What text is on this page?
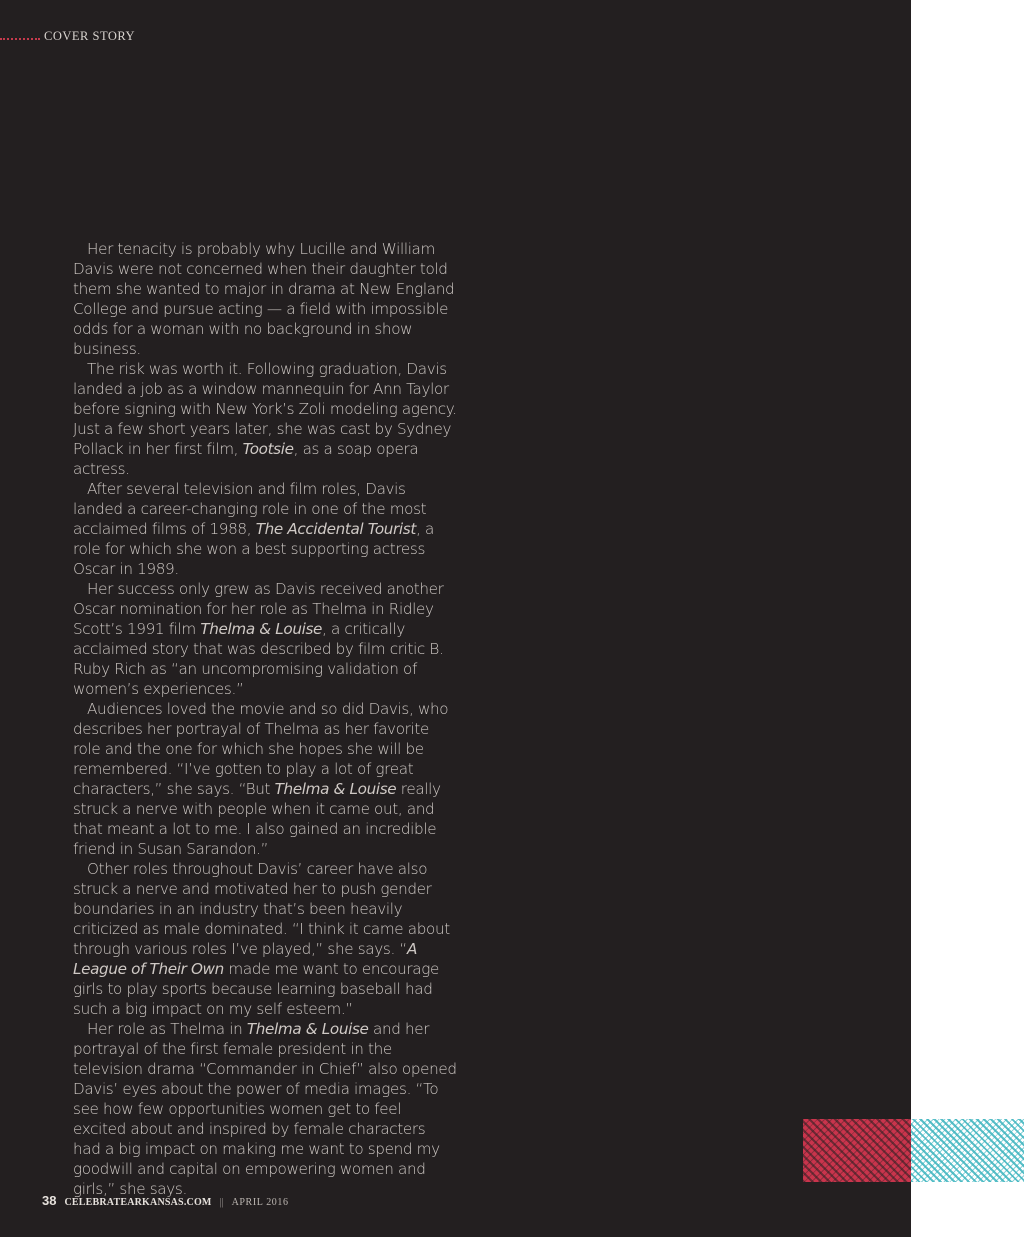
COVER STORY

Her tenacity is probably why Lucille and William Davis were not concerned when their daughter told them she wanted to major in drama at New England College and pursue acting — a field with impossible odds for a woman with no background in show business.

The risk was worth it. Following graduation, Davis landed a job as a window mannequin for Ann Taylor before signing with New York’s Zoli modeling agency. Just a few short years later, she was cast by Sydney Pollack in her first film, Tootsie, as a soap opera actress.

After several television and film roles, Davis landed a career-changing role in one of the most acclaimed films of 1988, The Accidental Tourist, a role for which she won a best supporting actress Oscar in 1989.

Her success only grew as Davis received another Oscar nomination for her role as Thelma in Ridley Scott’s 1991 film Thelma & Louise, a critically acclaimed story that was described by film critic B. Ruby Rich as “an uncompromising validation of women’s experiences.”

Audiences loved the movie and so did Davis, who describes her portrayal of Thelma as her favorite role and the one for which she hopes she will be remembered. “I’ve gotten to play a lot of great characters,” she says. “But Thelma & Louise really struck a nerve with people when it came out, and that meant a lot to me. I also gained an incredible friend in Susan Sarandon.”

Other roles throughout Davis’ career have also struck a nerve and motivated her to push gender boundaries in an industry that’s been heavily criticized as male dominated. “I think it came about through various roles I’ve played,” she says. “A League of Their Own made me want to encourage girls to play sports because learning baseball had such a big impact on my self esteem.”

Her role as Thelma in Thelma & Louise and her portrayal of the first female president in the television drama “Commander in Chief” also opened Davis’ eyes about the power of media images. “To see how few opportunities women get to feel excited about and inspired by female characters had a big impact on making me want to spend my goodwill and capital on empowering women and girls,” she says.

38 CELEBRATEARKANSAS.COM || APRIL 2016
